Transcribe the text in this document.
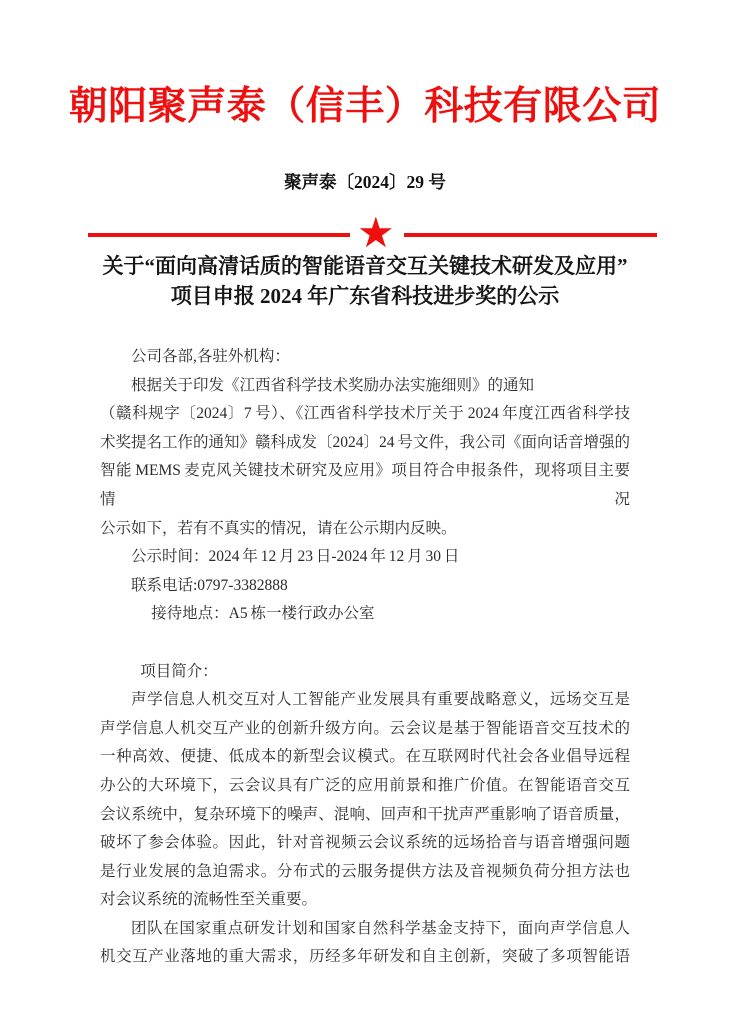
朝阳聚声泰（信丰）科技有限公司
聚声泰〔2024〕29 号
★
关于“面向高清话质的智能语音交互关键技术研发及应用”
项目申报 2024 年广东省科技进步奖的公示
公司各部,各驻外机构：
根据关于印发《江西省科学技术奖励办法实施细则》的通知
（赣科规字〔2024〕7 号）、《江西省科学技术厅关于 2024 年度江西省科学技
术奖提名工作的通知》赣科成发〔2024〕24 号文件，我公司《面向话音增强的
智能 MEMS 麦克风关键技术研究及应用》项目符合申报条件，现将项目主要情况
公示如下，若有不真实的情况，请在公示期内反映。
公示时间：2024 年 12 月 23 日-2024 年 12 月 30 日
联系电话:0797-3382888
接待地点：A5 栋一楼行政办公室
项目简介：
声学信息人机交互对人工智能产业发展具有重要战略意义，远场交互是
声学信息人机交互产业的创新升级方向。云会议是基于智能语音交互技术的
一种高效、便捷、低成本的新型会议模式。在互联网时代社会各业倡导远程
办公的大环境下，云会议具有广泛的应用前景和推广价值。在智能语音交互
会议系统中，复杂环境下的噪声、混响、回声和干扰声严重影响了语音质量，
破坏了参会体验。因此，针对音视频云会议系统的远场拾音与语音增强问题
是行业发展的急迫需求。分布式的云服务提供方法及音视频负荷分担方法也
对会议系统的流畅性至关重要。
团队在国家重点研发计划和国家自然科学基金支持下，面向声学信息人
机交互产业落地的重大需求，历经多年研发和自主创新，突破了多项智能语
